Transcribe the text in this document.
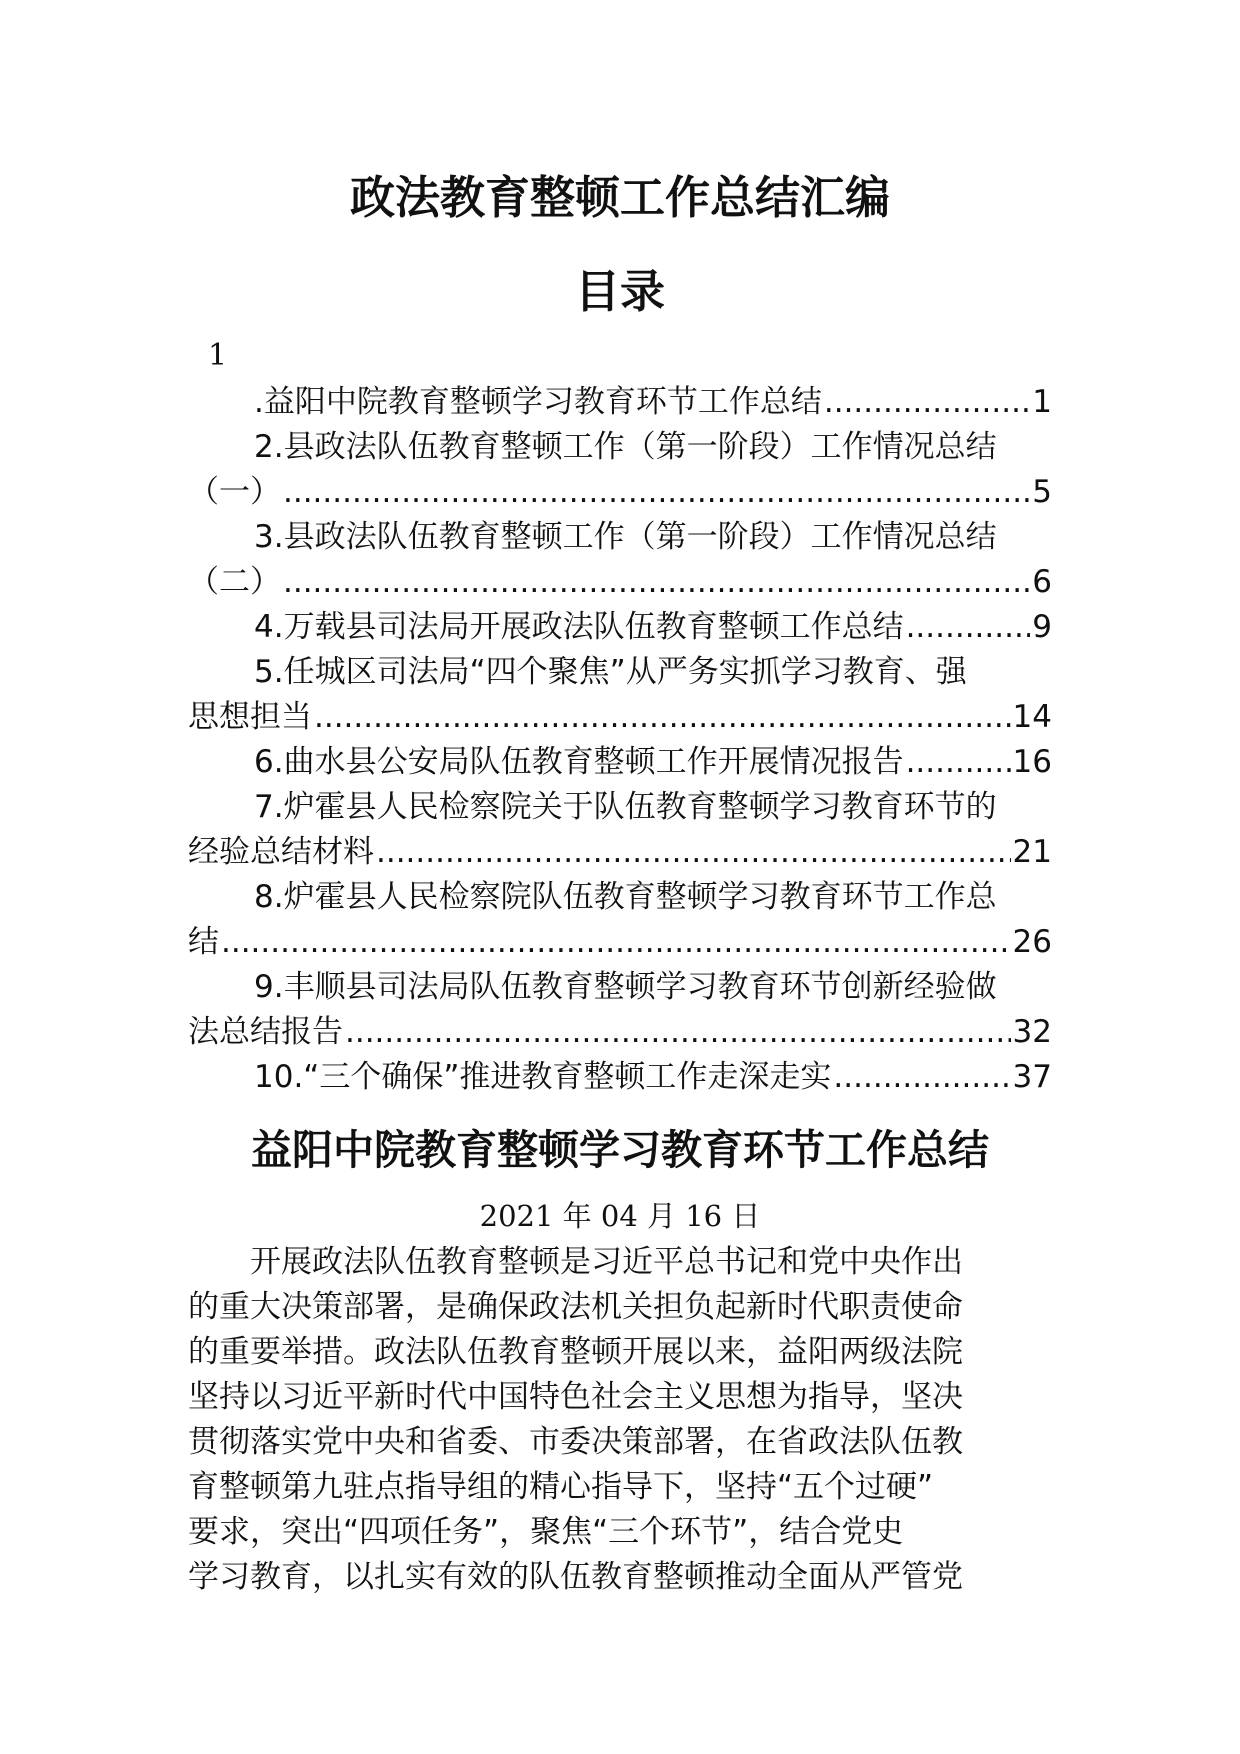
政法教育整顿工作总结汇编
目录
1
.益阳中院教育整顿学习教育环节工作总结 .....	1
2.县政法队伍教育整顿工作（第一阶段）工作情况总结
（一） .....	5
3.县政法队伍教育整顿工作（第一阶段）工作情况总结
（二） .....	6
4.万载县司法局开展政法队伍教育整顿工作总结 .....	9
5.任城区司法局“四个聚焦”从严务实抓学习教育、强
思想担当 .....	14
6.曲水县公安局队伍教育整顿工作开展情况报告 .....	16
7.炉霍县人民检察院关于队伍教育整顿学习教育环节的
经验总结材料 .....	21
8.炉霍县人民检察院队伍教育整顿学习教育环节工作总
结 .....	26
9.丰顺县司法局队伍教育整顿学习教育环节创新经验做
法总结报告 .....	32
10.“三个确保”推进教育整顿工作走深走实 .....	37
益阳中院教育整顿学习教育环节工作总结
2021 年 04 月 16 日
　　开展政法队伍教育整顿是习近平总书记和党中央作出
的重大决策部署，是确保政法机关担负起新时代职责使命
的重要举措。政法队伍教育整顿开展以来，益阳两级法院
坚持以习近平新时代中国特色社会主义思想为指导，坚决
贯彻落实党中央和省委、市委决策部署，在省政法队伍教
育整顿第九驻点指导组的精心指导下，坚持“五个过硬”
要求，突出“四项任务”，聚焦“三个环节”，结合党史
学习教育，以扎实有效的队伍教育整顿推动全面从严管党
